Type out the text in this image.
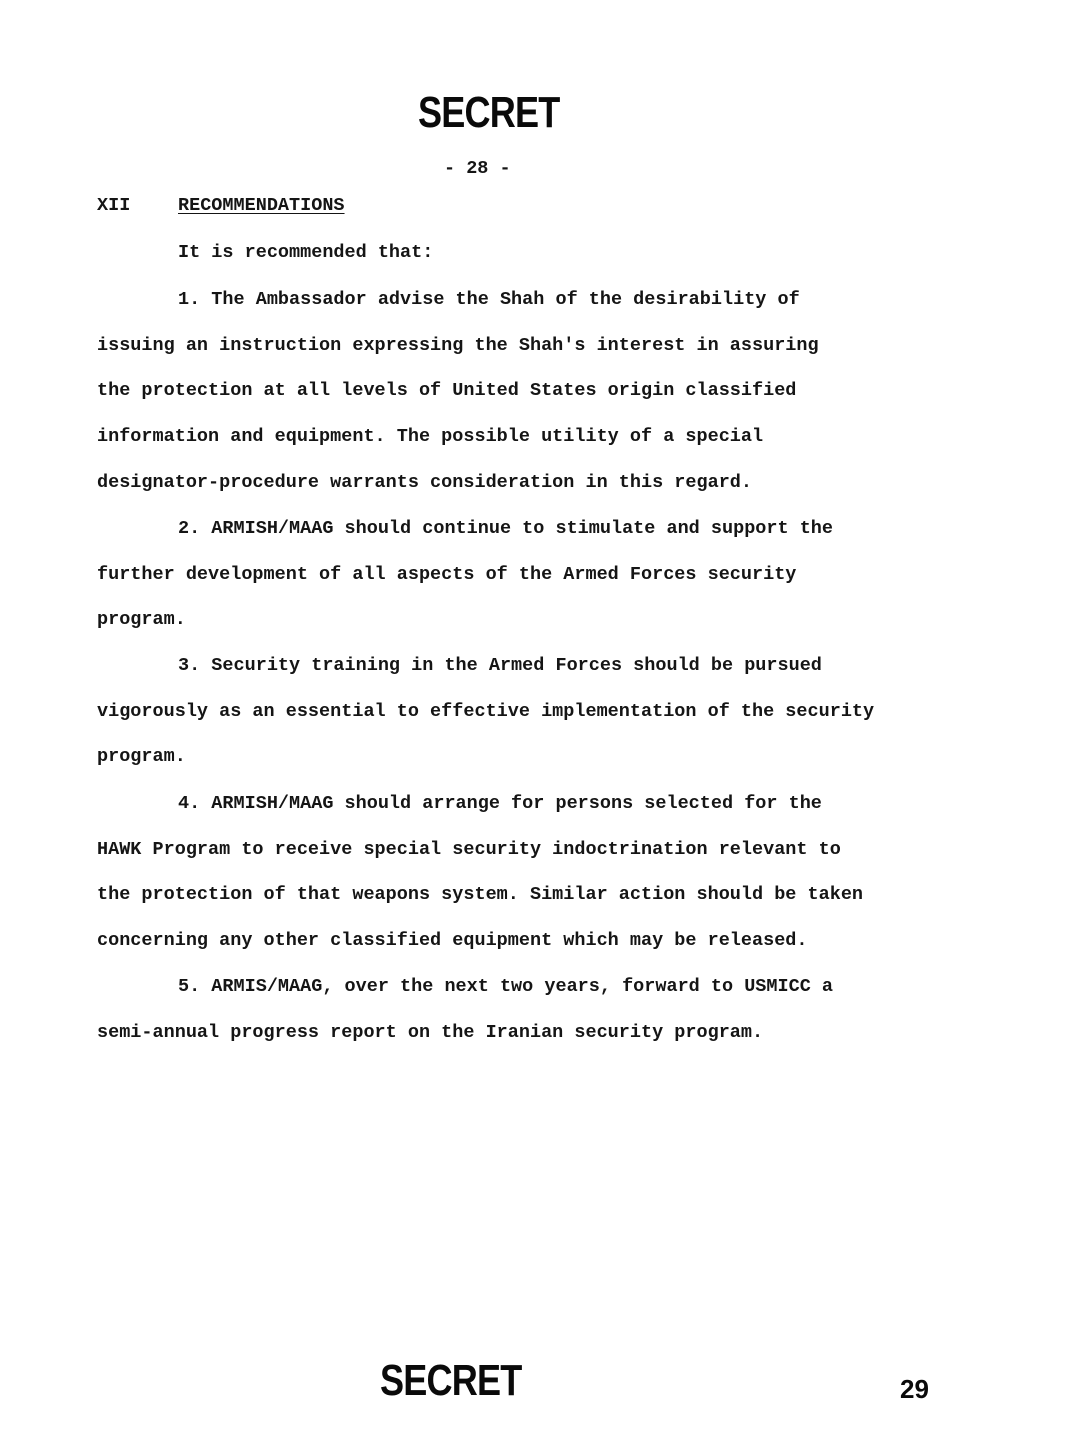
SECRET
- 28 -
XII	RECOMMENDATIONS
It is recommended that:
1. The Ambassador advise the Shah of the desirability of
issuing an instruction expressing the Shah's interest in assuring
the protection at all levels of United States origin classified
information and equipment. The possible utility of a special
designator-procedure warrants consideration in this regard.
2. ARMISH/MAAG should continue to stimulate and support the
further development of all aspects of the Armed Forces security
program.
3. Security training in the Armed Forces should be pursued
vigorously as an essential to effective implementation of the security
program.
4. ARMISH/MAAG should arrange for persons selected for the
HAWK Program to receive special security indoctrination relevant to
the protection of that weapons system. Similar action should be taken
concerning any other classified equipment which may be released.
5. ARMIS/MAAG, over the next two years, forward to USMICC a
semi-annual progress report on the Iranian security program.
SECRET	29
